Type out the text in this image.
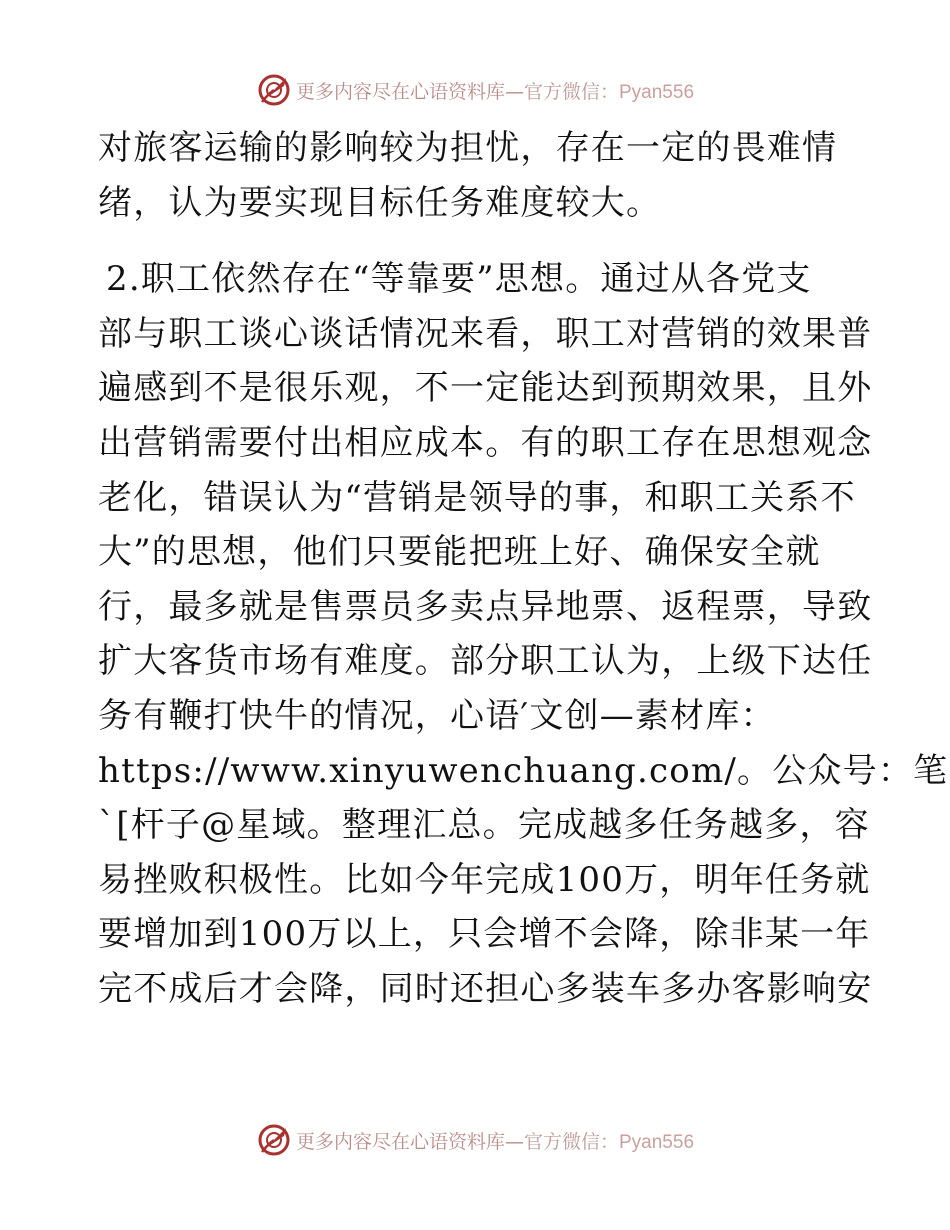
更多内容尽在心语资料库—官方微信：Pyan556
对旅客运输的影响较为担忧，存在一定的畏难情
绪，认为要实现目标任务难度较大。
2.职工依然存在“等靠要”思想。通过从各党支
部与职工谈心谈话情况来看，职工对营销的效果普
遍感到不是很乐观，不一定能达到预期效果，且外
出营销需要付出相应成本。有的职工存在思想观念
老化，错误认为“营销是领导的事，和职工关系不
大”的思想，他们只要能把班上好、确保安全就
行，最多就是售票员多卖点异地票、返程票，导致
扩大客货市场有难度。部分职工认为，上级下达任
务有鞭打快牛的情况，心语′文创—素材库：
https://www.xinyuwenchuang.com/。公众号：笔
`[杆子@星域。整理汇总。完成越多任务越多，容
易挫败积极性。比如今年完成100万，明年任务就
要增加到100万以上，只会增不会降，除非某一年
完不成后才会降，同时还担心多装车多办客影响安
更多内容尽在心语资料库—官方微信：Pyan556
